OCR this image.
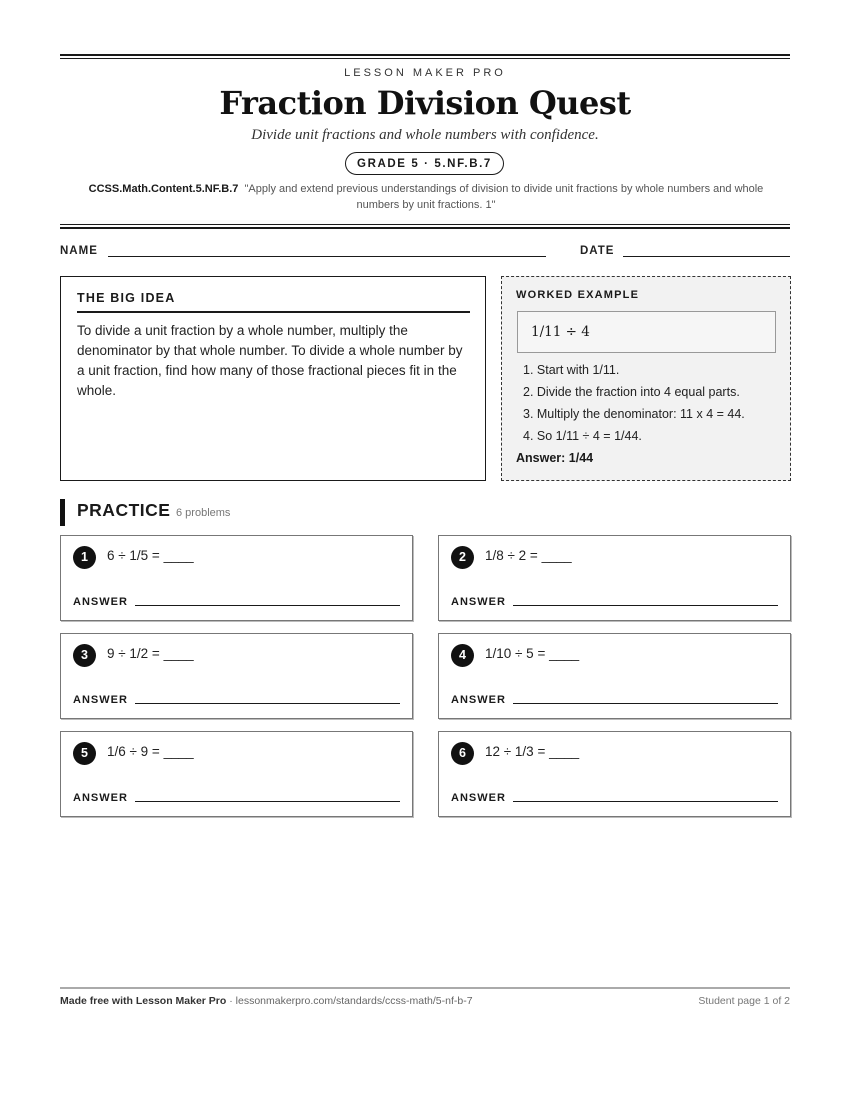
LESSON MAKER PRO
Fraction Division Quest
Divide unit fractions and whole numbers with confidence.
GRADE 5 · 5.NF.B.7
CCSS.Math.Content.5.NF.B.7 "Apply and extend previous understandings of division to divide unit fractions by whole numbers and whole numbers by unit fractions. 1"
NAME	DATE
THE BIG IDEA
To divide a unit fraction by a whole number, multiply the denominator by that whole number. To divide a whole number by a unit fraction, find how many of those fractional pieces fit in the whole.
WORKED EXAMPLE
1/11 ÷ 4
1. Start with 1/11.
2. Divide the fraction into 4 equal parts.
3. Multiply the denominator: 11 x 4 = 44.
4. So 1/11 ÷ 4 = 1/44.
Answer: 1/44
PRACTICE 6 problems
1	6 ÷ 1/5 = ____
ANSWER
2	1/8 ÷ 2 = ____
ANSWER
3	9 ÷ 1/2 = ____
ANSWER
4	1/10 ÷ 5 = ____
ANSWER
5	1/6 ÷ 9 = ____
ANSWER
6	12 ÷ 1/3 = ____
ANSWER
Made free with Lesson Maker Pro · lessonmakerpro.com/standards/ccss-math/5-nf-b-7	Student page 1 of 2
